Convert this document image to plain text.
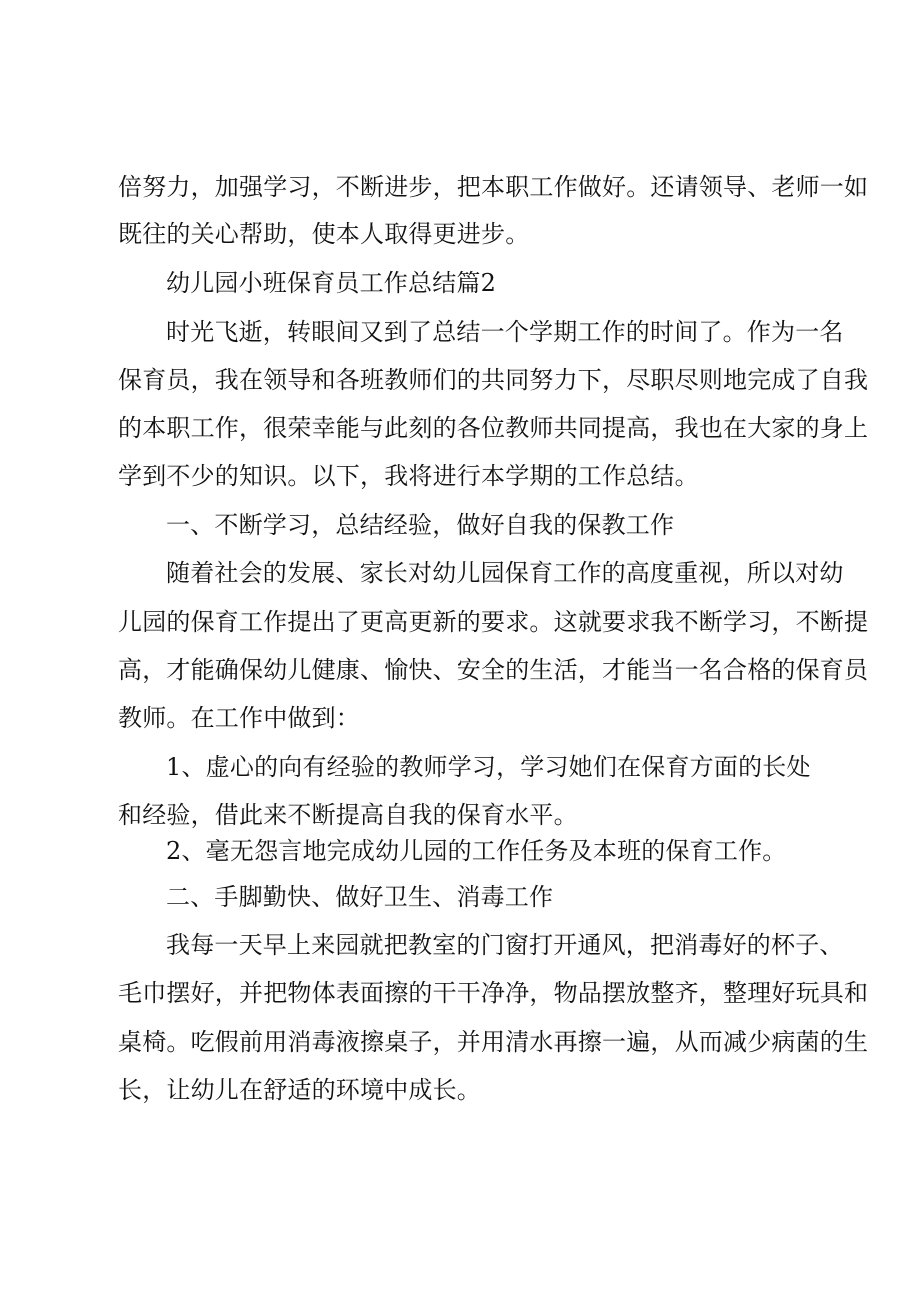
倍努力，加强学习，不断进步，把本职工作做好。还请领导、老师一如
既往的关心帮助，使本人取得更进步。
幼儿园小班保育员工作总结篇2
时光飞逝，转眼间又到了总结一个学期工作的时间了。作为一名
保育员，我在领导和各班教师们的共同努力下，尽职尽则地完成了自我
的本职工作，很荣幸能与此刻的各位教师共同提高，我也在大家的身上
学到不少的知识。以下，我将进行本学期的工作总结。
一、不断学习，总结经验，做好自我的保教工作
随着社会的发展、家长对幼儿园保育工作的高度重视，所以对幼
儿园的保育工作提出了更高更新的要求。这就要求我不断学习，不断提
高，才能确保幼儿健康、愉快、安全的生活，才能当一名合格的保育员
教师。在工作中做到：
1、虚心的向有经验的教师学习，学习她们在保育方面的长处
和经验，借此来不断提高自我的保育水平。
2、毫无怨言地完成幼儿园的工作任务及本班的保育工作。
二、手脚勤快、做好卫生、消毒工作
我每一天早上来园就把教室的门窗打开通风，把消毒好的杯子、
毛巾摆好，并把物体表面擦的干干净净，物品摆放整齐，整理好玩具和
桌椅。吃假前用消毒液擦桌子，并用清水再擦一遍，从而减少病菌的生
长，让幼儿在舒适的环境中成长。
